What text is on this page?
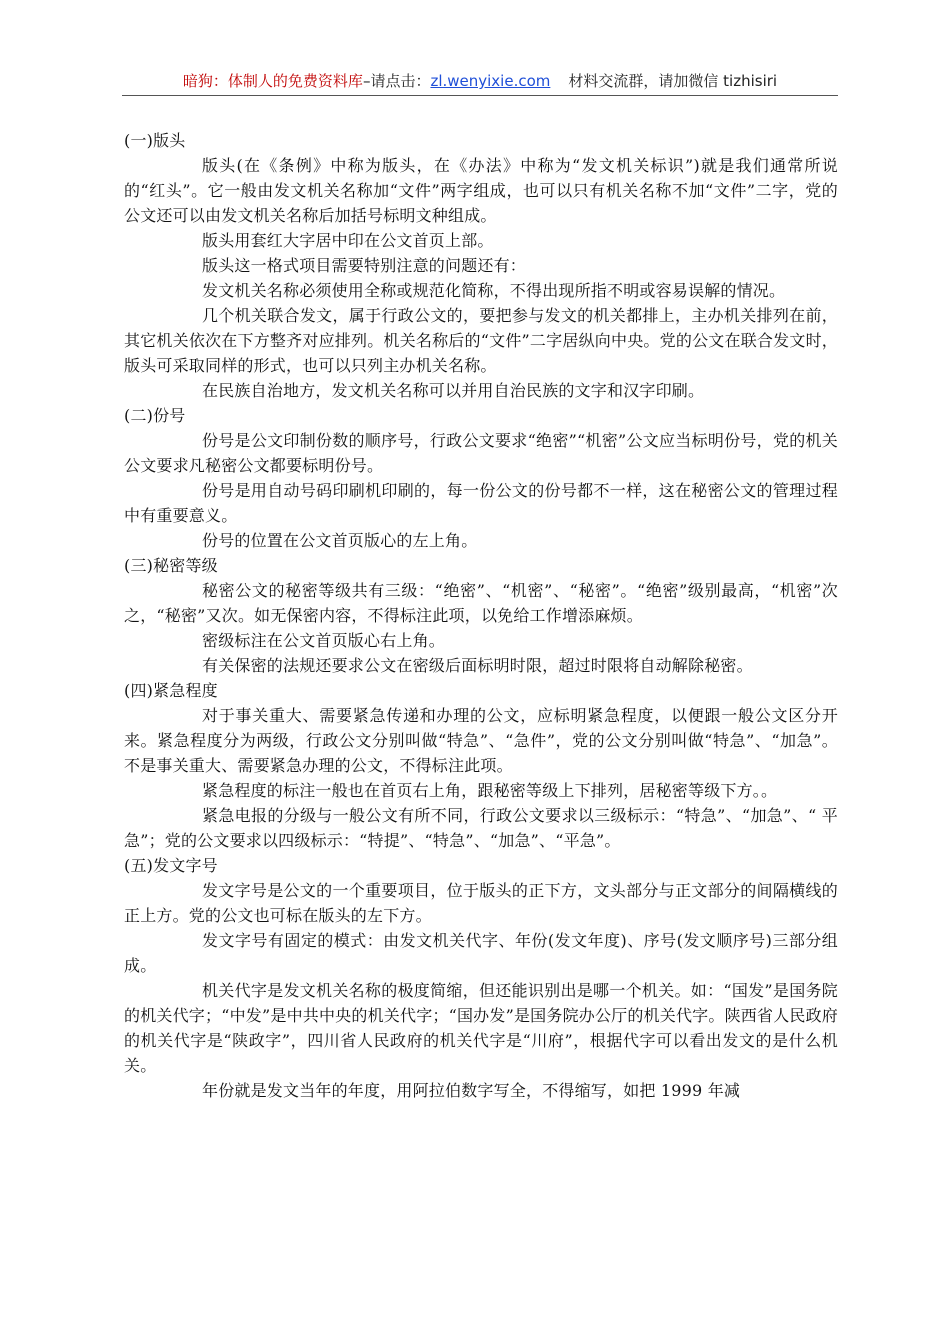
暗狗：体制人的免费资料库–请点击：zl.wenyixie.com 材料交流群，请加微信 tizhisiri

(一)版头

版头(在《条例》中称为版头，在《办法》中称为“发文机关标识”)就是我们通常所说的“红头”。它一般由发文机关名称加“文件”两字组成，也可以只有机关名称不加“文件”二字，党的公文还可以由发文机关名称后加括号标明文种组成。

版头用套红大字居中印在公文首页上部。

版头这一格式项目需要特别注意的问题还有：

发文机关名称必须使用全称或规范化简称，不得出现所指不明或容易误解的情况。

几个机关联合发文，属于行政公文的，要把参与发文的机关都排上，主办机关排列在前，其它机关依次在下方整齐对应排列。机关名称后的“文件”二字居纵向中央。党的公文在联合发文时，版头可采取同样的形式，也可以只列主办机关名称。

在民族自治地方，发文机关名称可以并用自治民族的文字和汉字印刷。

(二)份号

份号是公文印制份数的顺序号，行政公文要求“绝密”“机密”公文应当标明份号，党的机关公文要求凡秘密公文都要标明份号。

份号是用自动号码印刷机印刷的，每一份公文的份号都不一样，这在秘密公文的管理过程中有重要意义。

份号的位置在公文首页版心的左上角。

(三)秘密等级

秘密公文的秘密等级共有三级：“绝密”、“机密”、“秘密”。“绝密”级别最高，“机密”次之，“秘密”又次。如无保密内容，不得标注此项，以免给工作增添麻烦。

密级标注在公文首页版心右上角。

有关保密的法规还要求公文在密级后面标明时限，超过时限将自动解除秘密。

(四)紧急程度

对于事关重大、需要紧急传递和办理的公文，应标明紧急程度，以便跟一般公文区分开来。紧急程度分为两级，行政公文分别叫做“特急”、“急件”，党的公文分别叫做“特急”、“加急”。不是事关重大、需要紧急办理的公文，不得标注此项。

紧急程度的标注一般也在首页右上角，跟秘密等级上下排列，居秘密等级下方。。

紧急电报的分级与一般公文有所不同，行政公文要求以三级标示：“特急”、“加急”、“ 平急”；党的公文要求以四级标示：“特提”、“特急”、“加急”、“平急”。

(五)发文字号

发文字号是公文的一个重要项目，位于版头的正下方，文头部分与正文部分的间隔横线的正上方。党的公文也可标在版头的左下方。

发文字号有固定的模式：由发文机关代字、年份(发文年度)、序号(发文顺序号)三部分组成。

机关代字是发文机关名称的极度简缩，但还能识别出是哪一个机关。如：“国发”是国务院的机关代字；“中发”是中共中央的机关代字；“国办发”是国务院办公厅的机关代字。陕西省人民政府的机关代字是“陕政字”，四川省人民政府的机关代字是“川府”，根据代字可以看出发文的是什么机关。

年份就是发文当年的年度，用阿拉伯数字写全，不得缩写，如把 1999 年减
